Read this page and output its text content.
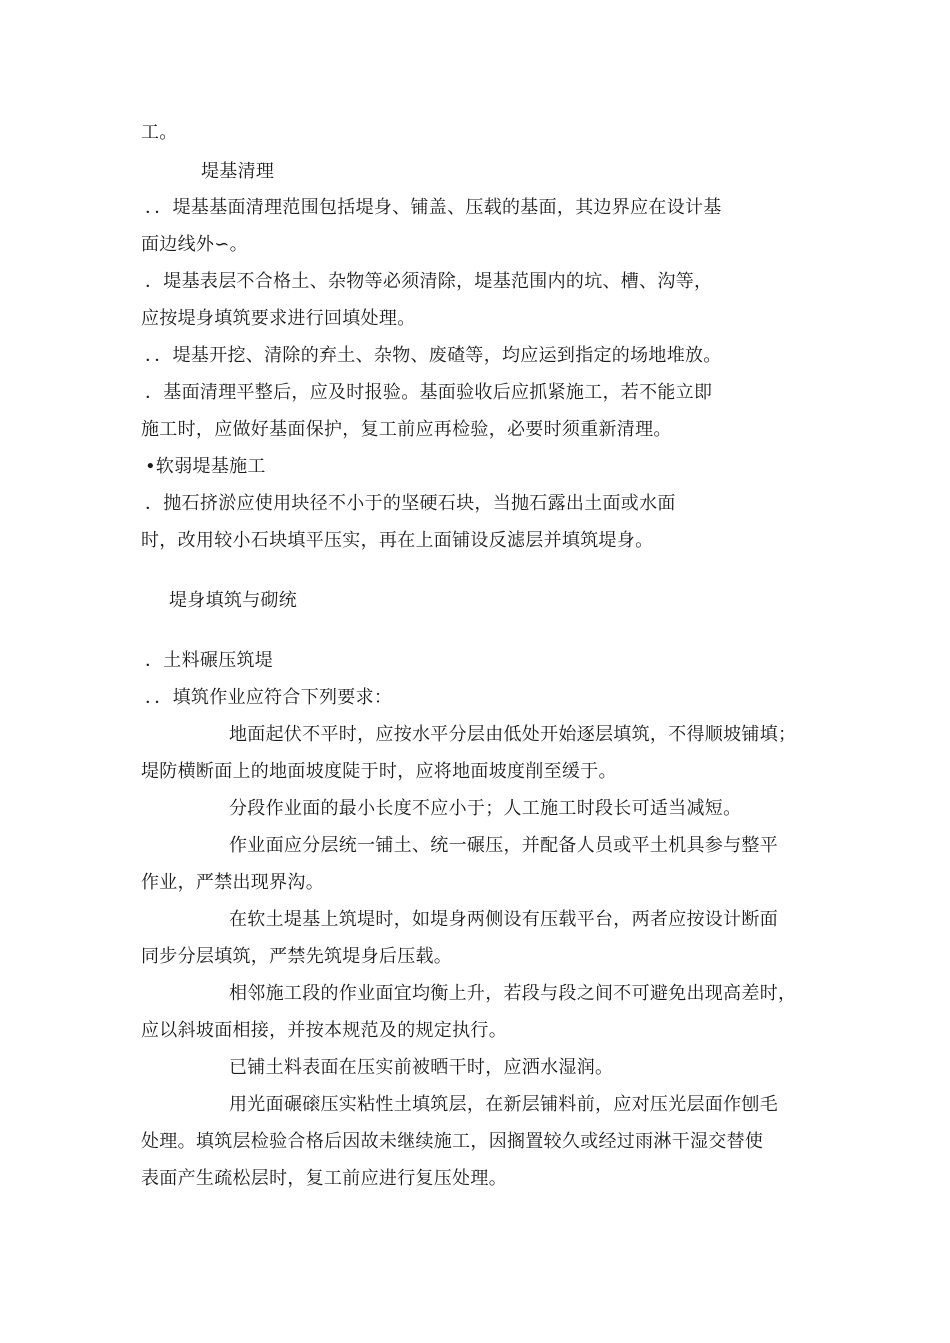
工。
堤基清理
．．堤基基面清理范围包括堤身、铺盖、压载的基面，其边界应在设计基
面边线外∽。
．堤基表层不合格土、杂物等必须清除，堤基范围内的坑、槽、沟等，
应按堤身填筑要求进行回填处理。
．．堤基开挖、清除的弃土、杂物、废碴等，均应运到指定的场地堆放。
．基面清理平整后，应及时报验。基面验收后应抓紧施工，若不能立即
施工时，应做好基面保护，复工前应再检验，必要时须重新清理。
•软弱堤基施工
．抛石挤淤应使用块径不小于的坚硬石块，当抛石露出土面或水面
时，改用较小石块填平压实，再在上面铺设反滤层并填筑堤身。
堤身填筑与砌统
．土料碾压筑堤
．．填筑作业应符合下列要求：
地面起伏不平时，应按水平分层由低处开始逐层填筑，不得顺坡铺填；
堤防横断面上的地面坡度陡于时，应将地面坡度削至缓于。
分段作业面的最小长度不应小于；人工施工时段长可适当减短。
作业面应分层统一铺土、统一碾压，并配备人员或平土机具参与整平
作业，严禁出现界沟。
在软土堤基上筑堤时，如堤身两侧设有压载平台，两者应按设计断面
同步分层填筑，严禁先筑堤身后压载。
相邻施工段的作业面宜均衡上升，若段与段之间不可避免出现高差时，
应以斜坡面相接，并按本规范及的规定执行。
已铺土料表面在压实前被晒干时，应洒水湿润。
用光面碾磙压实粘性土填筑层，在新层铺料前，应对压光层面作刨毛
处理。填筑层检验合格后因故未继续施工，因搁置较久或经过雨淋干湿交替使
表面产生疏松层时，复工前应进行复压处理。
